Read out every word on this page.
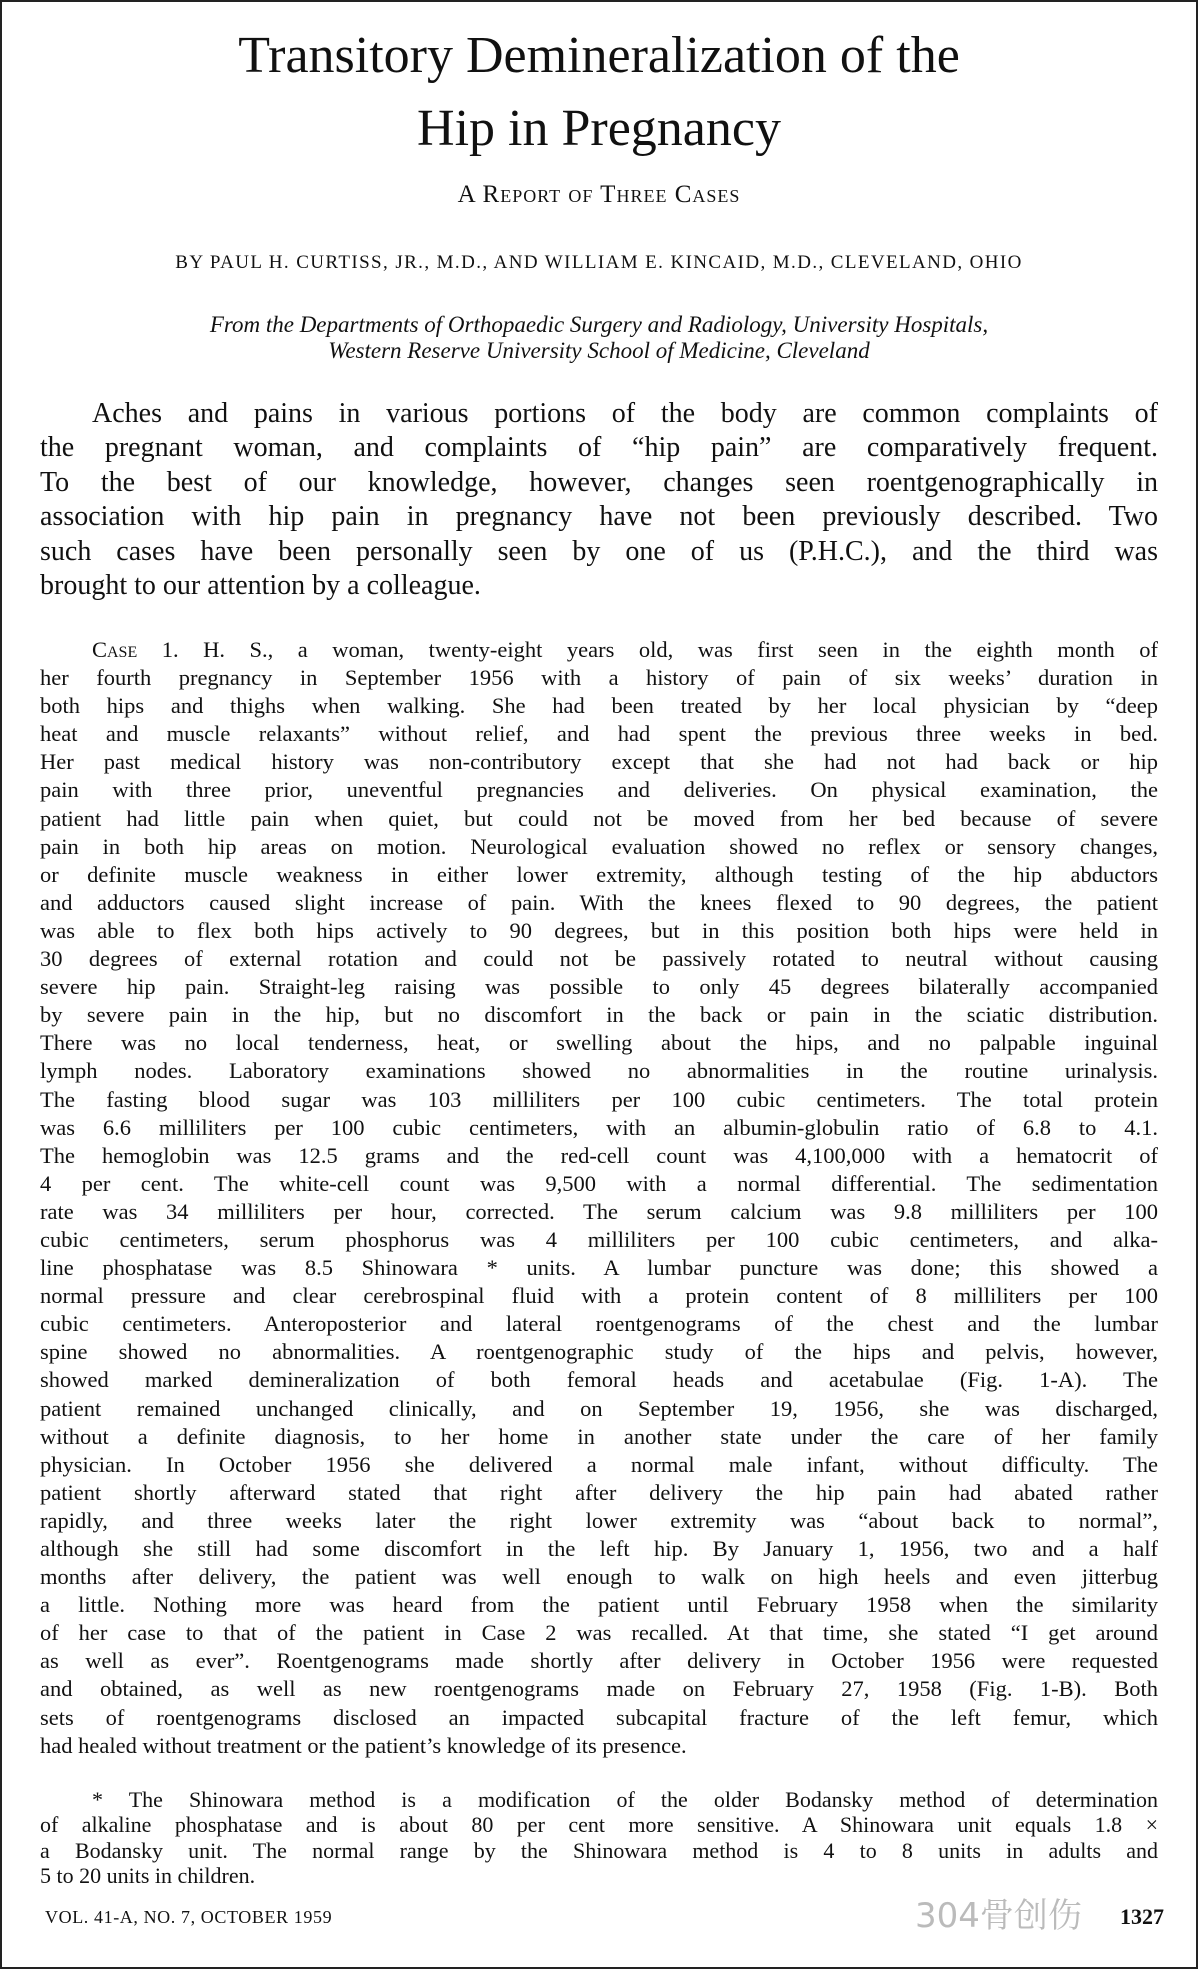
Transitory Demineralization of the
Hip in Pregnancy
A Report of Three Cases
BY PAUL H. CURTISS, JR., M.D., AND WILLIAM E. KINCAID, M.D., CLEVELAND, OHIO
From the Departments of Orthopaedic Surgery and Radiology, University Hospitals,
Western Reserve University School of Medicine, Cleveland
Aches and pains in various portions of the body are common complaints of
the pregnant woman, and complaints of “hip pain” are comparatively frequent.
To the best of our knowledge, however, changes seen roentgenographically in
association with hip pain in pregnancy have not been previously described. Two
such cases have been personally seen by one of us (P.H.C.), and the third was
brought to our attention by a colleague.
Case 1. H. S., a woman, twenty-eight years old, was first seen in the eighth month of
her fourth pregnancy in September 1956 with a history of pain of six weeks’ duration in
both hips and thighs when walking. She had been treated by her local physician by “deep
heat and muscle relaxants” without relief, and had spent the previous three weeks in bed.
Her past medical history was non-contributory except that she had not had back or hip
pain with three prior, uneventful pregnancies and deliveries. On physical examination, the
patient had little pain when quiet, but could not be moved from her bed because of severe
pain in both hip areas on motion. Neurological evaluation showed no reflex or sensory changes,
or definite muscle weakness in either lower extremity, although testing of the hip abductors
and adductors caused slight increase of pain. With the knees flexed to 90 degrees, the patient
was able to flex both hips actively to 90 degrees, but in this position both hips were held in
30 degrees of external rotation and could not be passively rotated to neutral without causing
severe hip pain. Straight-leg raising was possible to only 45 degrees bilaterally accompanied
by severe pain in the hip, but no discomfort in the back or pain in the sciatic distribution.
There was no local tenderness, heat, or swelling about the hips, and no palpable inguinal
lymph nodes. Laboratory examinations showed no abnormalities in the routine urinalysis.
The fasting blood sugar was 103 milliliters per 100 cubic centimeters. The total protein
was 6.6 milliliters per 100 cubic centimeters, with an albumin-globulin ratio of 6.8 to 4.1.
The hemoglobin was 12.5 grams and the red-cell count was 4,100,000 with a hematocrit of
4 per cent. The white-cell count was 9,500 with a normal differential. The sedimentation
rate was 34 milliliters per hour, corrected. The serum calcium was 9.8 milliliters per 100
cubic centimeters, serum phosphorus was 4 milliliters per 100 cubic centimeters, and alka-
line phosphatase was 8.5 Shinowara * units. A lumbar puncture was done; this showed a
normal pressure and clear cerebrospinal fluid with a protein content of 8 milliliters per 100
cubic centimeters. Anteroposterior and lateral roentgenograms of the chest and the lumbar
spine showed no abnormalities. A roentgenographic study of the hips and pelvis, however,
showed marked demineralization of both femoral heads and acetabulae (Fig. 1-A). The
patient remained unchanged clinically, and on September 19, 1956, she was discharged,
without a definite diagnosis, to her home in another state under the care of her family
physician. In October 1956 she delivered a normal male infant, without difficulty. The
patient shortly afterward stated that right after delivery the hip pain had abated rather
rapidly, and three weeks later the right lower extremity was “about back to normal”,
although she still had some discomfort in the left hip. By January 1, 1956, two and a half
months after delivery, the patient was well enough to walk on high heels and even jitterbug
a little. Nothing more was heard from the patient until February 1958 when the similarity
of her case to that of the patient in Case 2 was recalled. At that time, she stated “I get around
as well as ever”. Roentgenograms made shortly after delivery in October 1956 were requested
and obtained, as well as new roentgenograms made on February 27, 1958 (Fig. 1-B). Both
sets of roentgenograms disclosed an impacted subcapital fracture of the left femur, which
had healed without treatment or the patient’s knowledge of its presence.
* The Shinowara method is a modification of the older Bodansky method of determination
of alkaline phosphatase and is about 80 per cent more sensitive. A Shinowara unit equals 1.8 ×
a Bodansky unit. The normal range by the Shinowara method is 4 to 8 units in adults and
5 to 20 units in children.
VOL. 41-A, NO. 7, OCTOBER 1959	304骨创伤 1327
